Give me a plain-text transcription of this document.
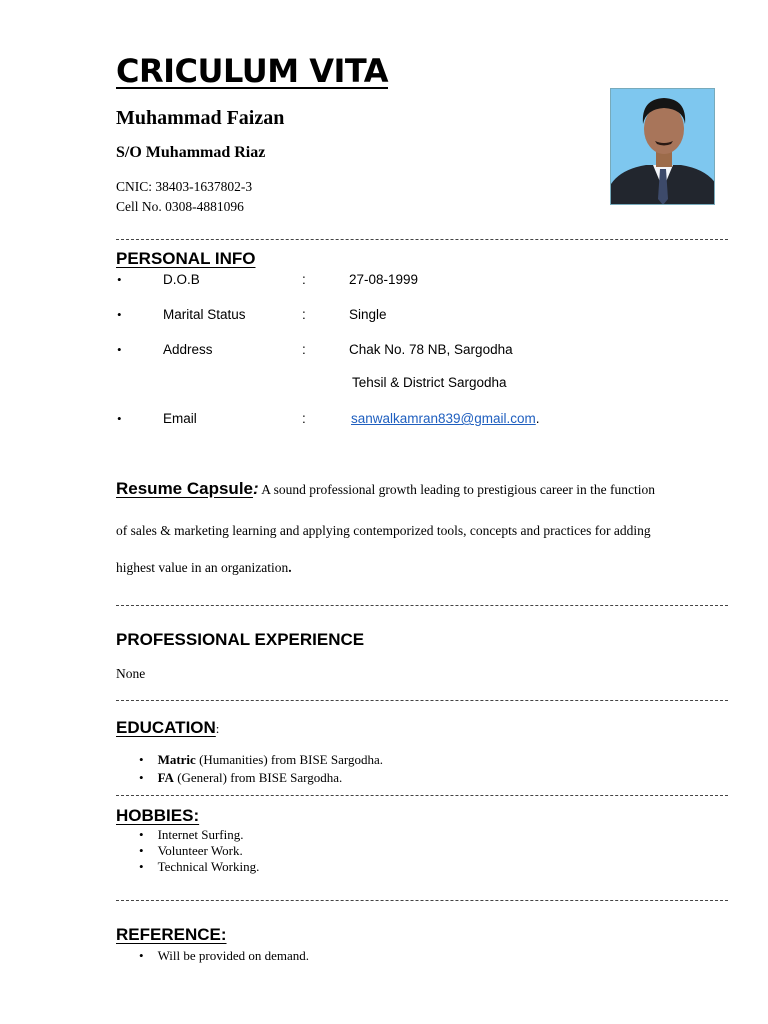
CRICULUM VITA
Muhammad Faizan
S/O Muhammad Riaz
CNIC: 38403-1637802-3
Cell No. 0308-4881096
PERSONAL INFO
•	D.O.B	:	27-08-1999
•	Marital Status	:	Single
•	Address	:	Chak No. 78 NB, Sargodha
Tehsil & District Sargodha
•	Email	:	sanwalkamran839@gmail.com.
Resume Capsule: A sound professional growth leading to prestigious career in the function
of sales & marketing learning and applying contemporized tools, concepts and practices for adding
highest value in an organization.
PROFESSIONAL EXPERIENCE
None
EDUCATION:
• Matric (Humanities) from BISE Sargodha.
• FA (General) from BISE Sargodha.
HOBBIES:
• Internet Surfing.
• Volunteer Work.
• Technical Working.
REFERENCE:
• Will be provided on demand.
